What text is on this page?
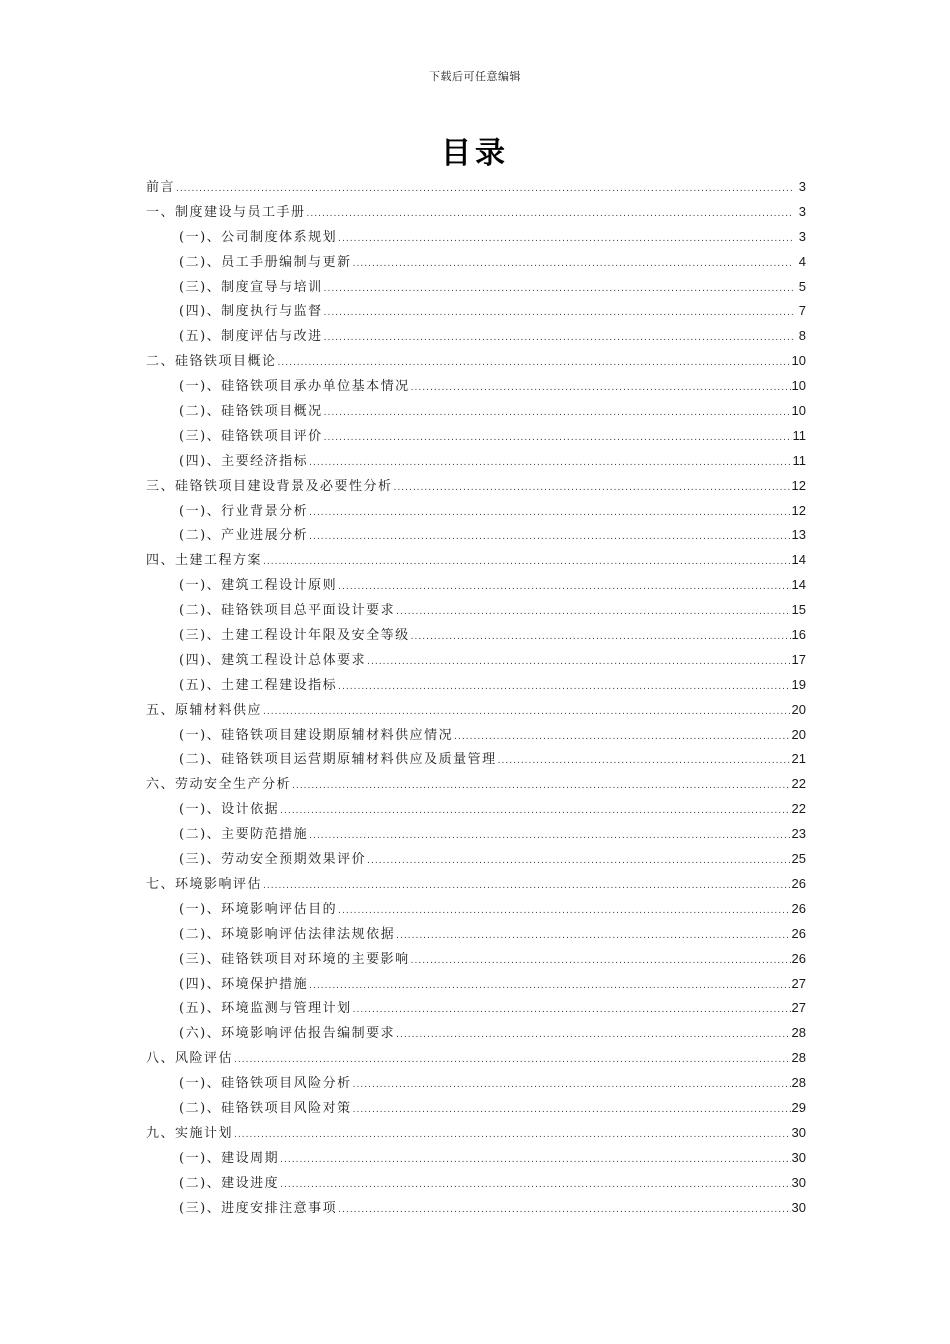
下载后可任意编辑
目录
前言 .....	3
一、制度建设与员工手册 .....	3
(一)、公司制度体系规划 .....	3
(二)、员工手册编制与更新 .....	4
(三)、制度宣导与培训 .....	5
(四)、制度执行与监督 .....	7
(五)、制度评估与改进 .....	8
二、硅铬铁项目概论 .....	10
(一)、硅铬铁项目承办单位基本情况 .....	10
(二)、硅铬铁项目概况 .....	10
(三)、硅铬铁项目评价 .....	11
(四)、主要经济指标 .....	11
三、硅铬铁项目建设背景及必要性分析 .....	12
(一)、行业背景分析 .....	12
(二)、产业进展分析 .....	13
四、土建工程方案 .....	14
(一)、建筑工程设计原则 .....	14
(二)、硅铬铁项目总平面设计要求 .....	15
(三)、土建工程设计年限及安全等级 .....	16
(四)、建筑工程设计总体要求 .....	17
(五)、土建工程建设指标 .....	19
五、原辅材料供应 .....	20
(一)、硅铬铁项目建设期原辅材料供应情况 .....	20
(二)、硅铬铁项目运营期原辅材料供应及质量管理 .....	21
六、劳动安全生产分析 .....	22
(一)、设计依据 .....	22
(二)、主要防范措施 .....	23
(三)、劳动安全预期效果评价 .....	25
七、环境影响评估 .....	26
(一)、环境影响评估目的 .....	26
(二)、环境影响评估法律法规依据 .....	26
(三)、硅铬铁项目对环境的主要影响 .....	26
(四)、环境保护措施 .....	27
(五)、环境监测与管理计划 .....	27
(六)、环境影响评估报告编制要求 .....	28
八、风险评估 .....	28
(一)、硅铬铁项目风险分析 .....	28
(二)、硅铬铁项目风险对策 .....	29
九、实施计划 .....	30
(一)、建设周期 .....	30
(二)、建设进度 .....	30
(三)、进度安排注意事项 .....	30
